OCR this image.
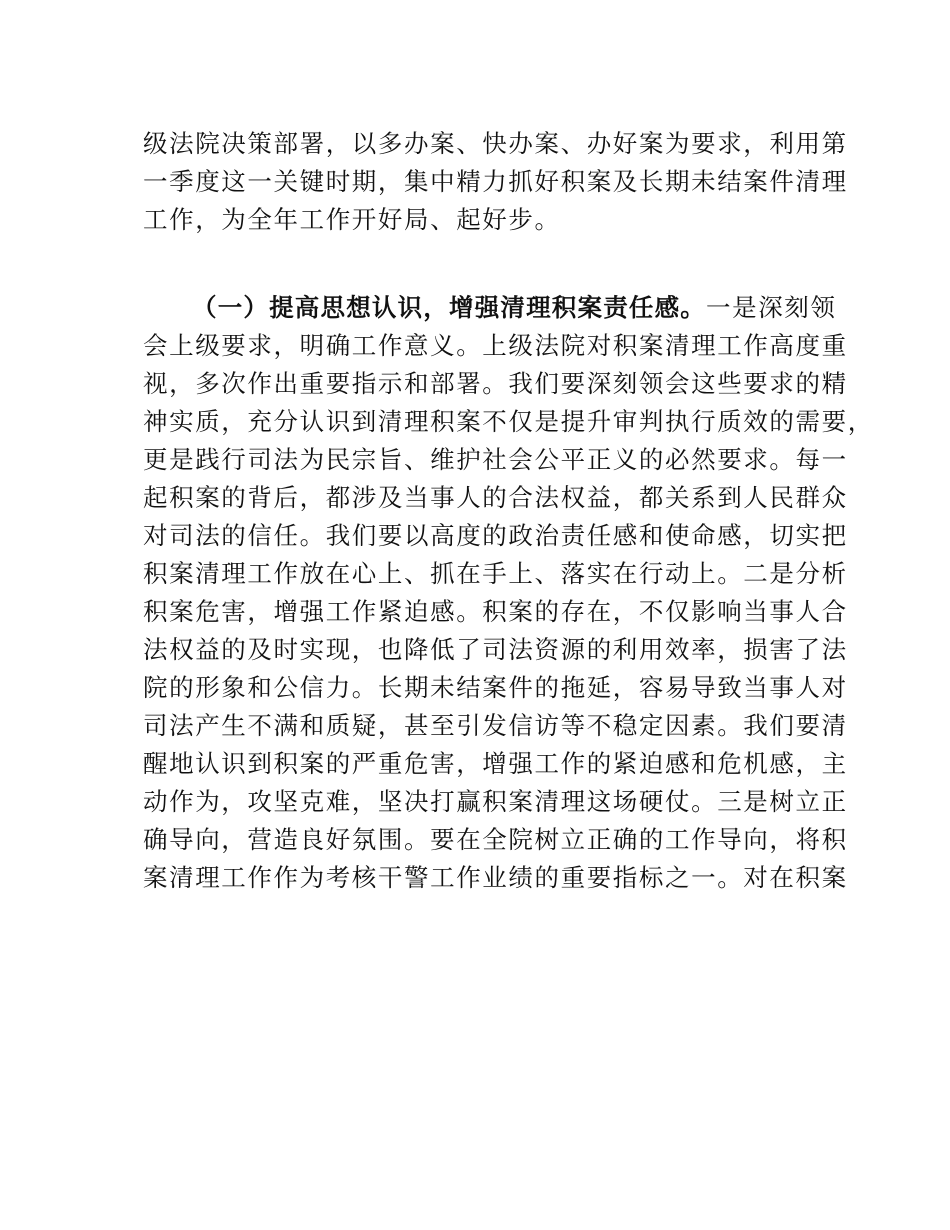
级法院决策部署，以多办案、快办案、办好案为要求，利用第
一季度这一关键时期，集中精力抓好积案及长期未结案件清理
工作，为全年工作开好局、起好步。
（一）提高思想认识，增强清理积案责任感。一是深刻领
会上级要求，明确工作意义。上级法院对积案清理工作高度重
视，多次作出重要指示和部署。我们要深刻领会这些要求的精
神实质，充分认识到清理积案不仅是提升审判执行质效的需要，
更是践行司法为民宗旨、维护社会公平正义的必然要求。每一
起积案的背后，都涉及当事人的合法权益，都关系到人民群众
对司法的信任。我们要以高度的政治责任感和使命感，切实把
积案清理工作放在心上、抓在手上、落实在行动上。二是分析
积案危害，增强工作紧迫感。积案的存在，不仅影响当事人合
法权益的及时实现，也降低了司法资源的利用效率，损害了法
院的形象和公信力。长期未结案件的拖延，容易导致当事人对
司法产生不满和质疑，甚至引发信访等不稳定因素。我们要清
醒地认识到积案的严重危害，增强工作的紧迫感和危机感，主
动作为，攻坚克难，坚决打赢积案清理这场硬仗。三是树立正
确导向，营造良好氛围。要在全院树立正确的工作导向，将积
案清理工作作为考核干警工作业绩的重要指标之一。对在积案
